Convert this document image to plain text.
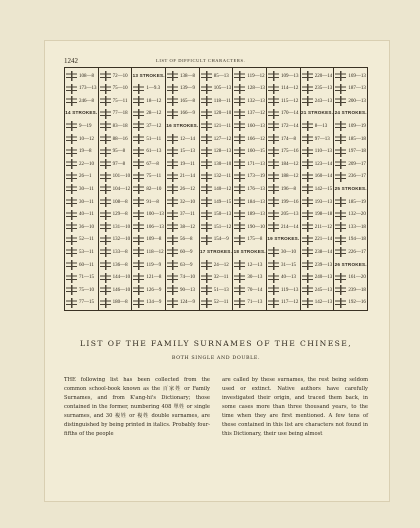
1242	LIST OF DIFFICULT CHARACTERS.
108—8
173—13
246—8
14 STROKES.
9—19
10—12
19—8
22—10
26—1
30—11
30—11
40—11
36—10
52—11
53—11
60—11
71—15
75—10
77—15
72—10
75—10
75—11
77—18
83—18
88—16
95—8
97—8
101—10
104—12
108—8
129—8
131—10
132—10
133—8
136—8
144—10
146—10
180—8
13 STROKES.
1—9.3
18—12
28—12
37—12
51—11
61—13
67—8
75—11
82—10
91—8
100—13
106—13
109—8
118—12
119—9
121—8
126—9
134—9
138—8
139—9
165—8
166—9
16 STROKES.
12—14
15—13
19—11
21—14
26—12
32—10
37—11
38—12
56—8
60—9
63—9
74—10
90—13
124—9
85—13
105—13
118—11
120—10
121—11
127—12
128—13
130—10
132—11
140—12
149—15
150—13
151—12
154—9
17 STROKES.
24—12
32—11
51—13
52—11
119—12
128—13
132—13
137—12
160—13
166—12
160—15
171—13
173—19
176—13
184—13
189—13
190—10
175—8
18 STROKES.
12—13
30—13
70—14
71—13
109—13
114—12
115—12
170—14
172—14
174—8
175—16
184—12
188—12
196—8
199—16
205—13
214—14
19 STROKES.
30—10
31—15
40—13
119—13
117—12
220—14
235—13
243—13
21 STROKES.
8—13
97—13
110—13
123—14
160—14
142—15
193—13
198—18
211—12
221—14
238—14
239—13
240—13
245—13
142—13
169—13
187—13
200—13
24 STROKES.
109—19
185—18
197—18
209—17
236—17
25 STROKES.
185—19
132—20
133—18
194—18
226—17
26 STROKES.
161—20
239—18
192—16
LIST OF THE FAMILY SURNAMES OF THE CHINESE,
BOTH SINGLE AND DOUBLE.
THE following list has been collected from the common school-book known as the 百家姓 or Family Surnames, and from K'ang-hi's Dictionary; those contained in the former, numbering 408 單姓 or single surnames, and 30 複姓 or 複姓 double surnames, are distinguished by being printed in italics. Probably four-fifths of the people
are called by these surnames, the rest being seldom used or extinct. Native authors have carefully investigated their origin, and traced them back, in some cases more than three thousand years, to the time when they are first mentioned. A few tens of these contained in this list are characters not found in this Dictionary, their use being almost
